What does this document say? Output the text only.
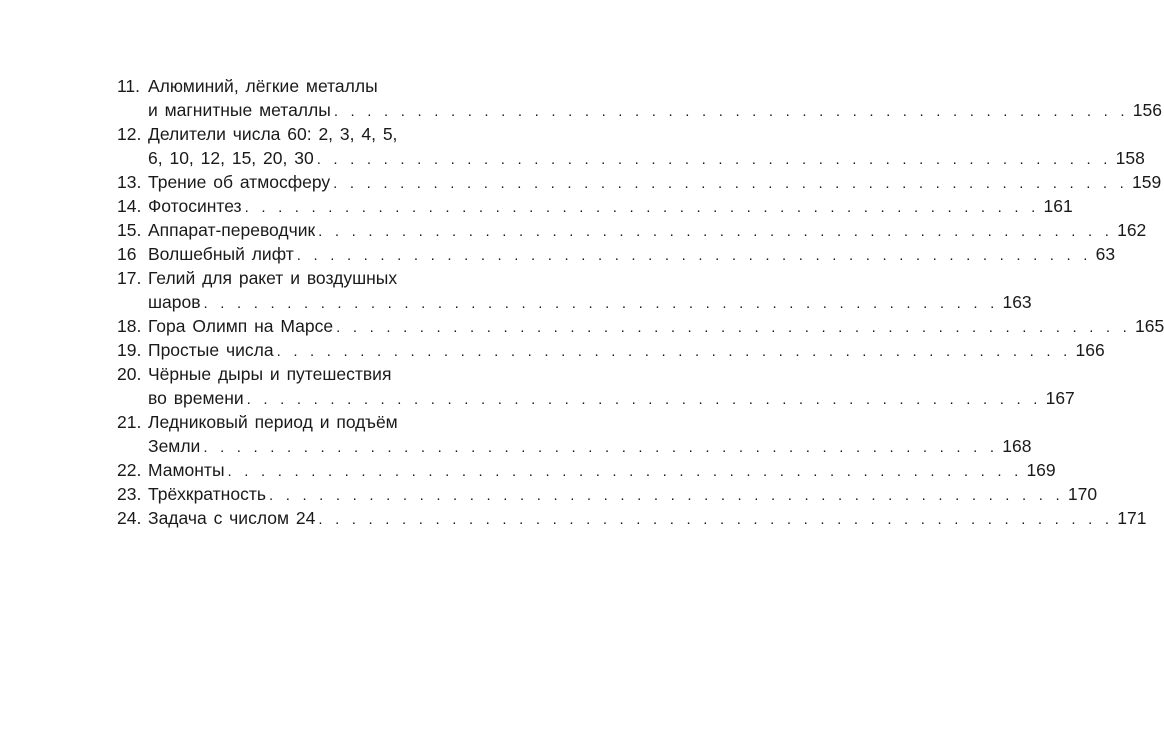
11. Алюминий, лёгкие металлы
и магнитные металлы . . . . . . . . . . . . . . . . . . . . . . . . . . . . . . . . . . . . . . . . . . . . . . . . 156
12. Делители числа 60: 2, 3, 4, 5,
6, 10, 12, 15, 20, 30 . . . . . . . . . . . . . . . . . . . . . . . . . . . . . . . . . . . . . . . . . . . . . . . . 158
13. Трение об атмосферу . . . . . . . . . . . . . . . . . . . . . . . . . . . . . . . . . . . . . . . . . . . . . . . . 159
14. Фотосинтез . . . . . . . . . . . . . . . . . . . . . . . . . . . . . . . . . . . . . . . . . . . . . . . . 161
15. Аппарат-переводчик . . . . . . . . . . . . . . . . . . . . . . . . . . . . . . . . . . . . . . . . . . . . . . . . 162
16 Волшебный лифт . . . . . . . . . . . . . . . . . . . . . . . . . . . . . . . . . . . . . . . . . . . . . . . . 63
17. Гелий для ракет и воздушных
шаров . . . . . . . . . . . . . . . . . . . . . . . . . . . . . . . . . . . . . . . . . . . . . . . . 163
18. Гора Олимп на Марсе . . . . . . . . . . . . . . . . . . . . . . . . . . . . . . . . . . . . . . . . . . . . . . . . 165
19. Простые числа . . . . . . . . . . . . . . . . . . . . . . . . . . . . . . . . . . . . . . . . . . . . . . . . 166
20. Чёрные дыры и путешествия
во времени . . . . . . . . . . . . . . . . . . . . . . . . . . . . . . . . . . . . . . . . . . . . . . . . 167
21. Ледниковый период и подъём
Земли . . . . . . . . . . . . . . . . . . . . . . . . . . . . . . . . . . . . . . . . . . . . . . . . 168
22. Мамонты . . . . . . . . . . . . . . . . . . . . . . . . . . . . . . . . . . . . . . . . . . . . . . . . 169
23. Трёхкратность . . . . . . . . . . . . . . . . . . . . . . . . . . . . . . . . . . . . . . . . . . . . . . . . 170
24. Задача с числом 24 . . . . . . . . . . . . . . . . . . . . . . . . . . . . . . . . . . . . . . . . . . . . . . . . 171
